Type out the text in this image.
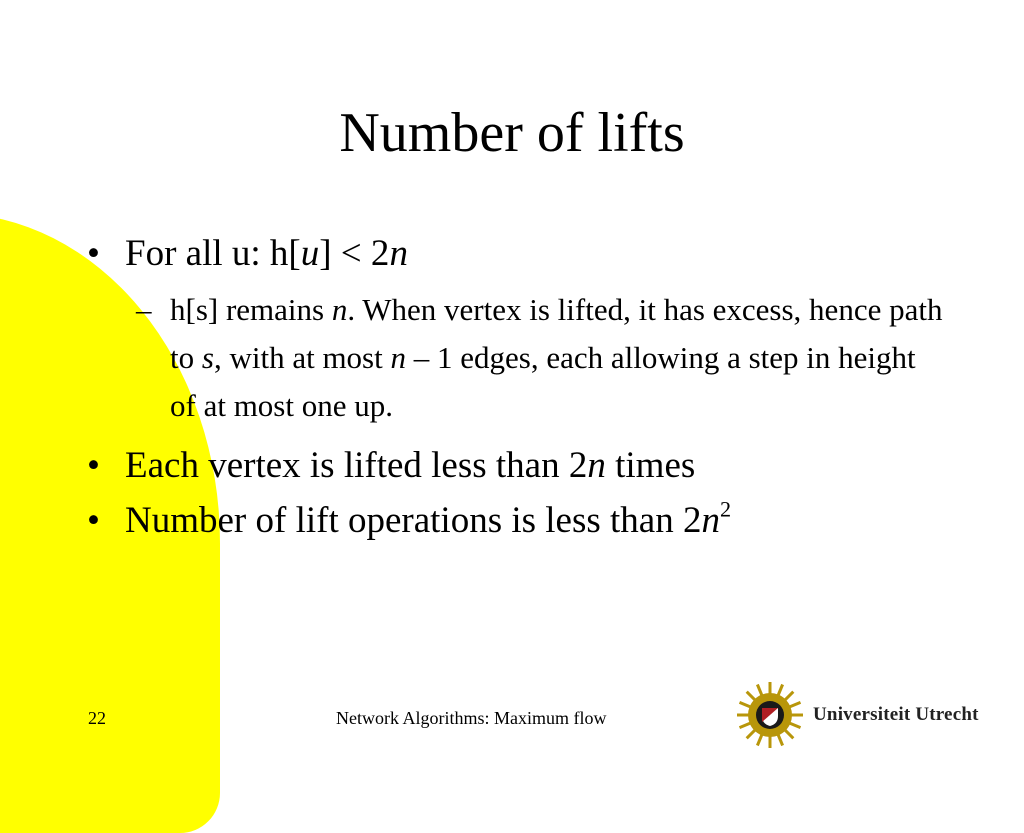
Number of lifts
• For all u: h[u] < 2n
– h[s] remains n. When vertex is lifted, it has excess, hence path to s, with at most n – 1 edges, each allowing a step in height of at most one up.
• Each vertex is lifted less than 2n times
• Number of lift operations is less than $2n^2$
22	Network Algorithms: Maximum flow	Universiteit Utrecht
